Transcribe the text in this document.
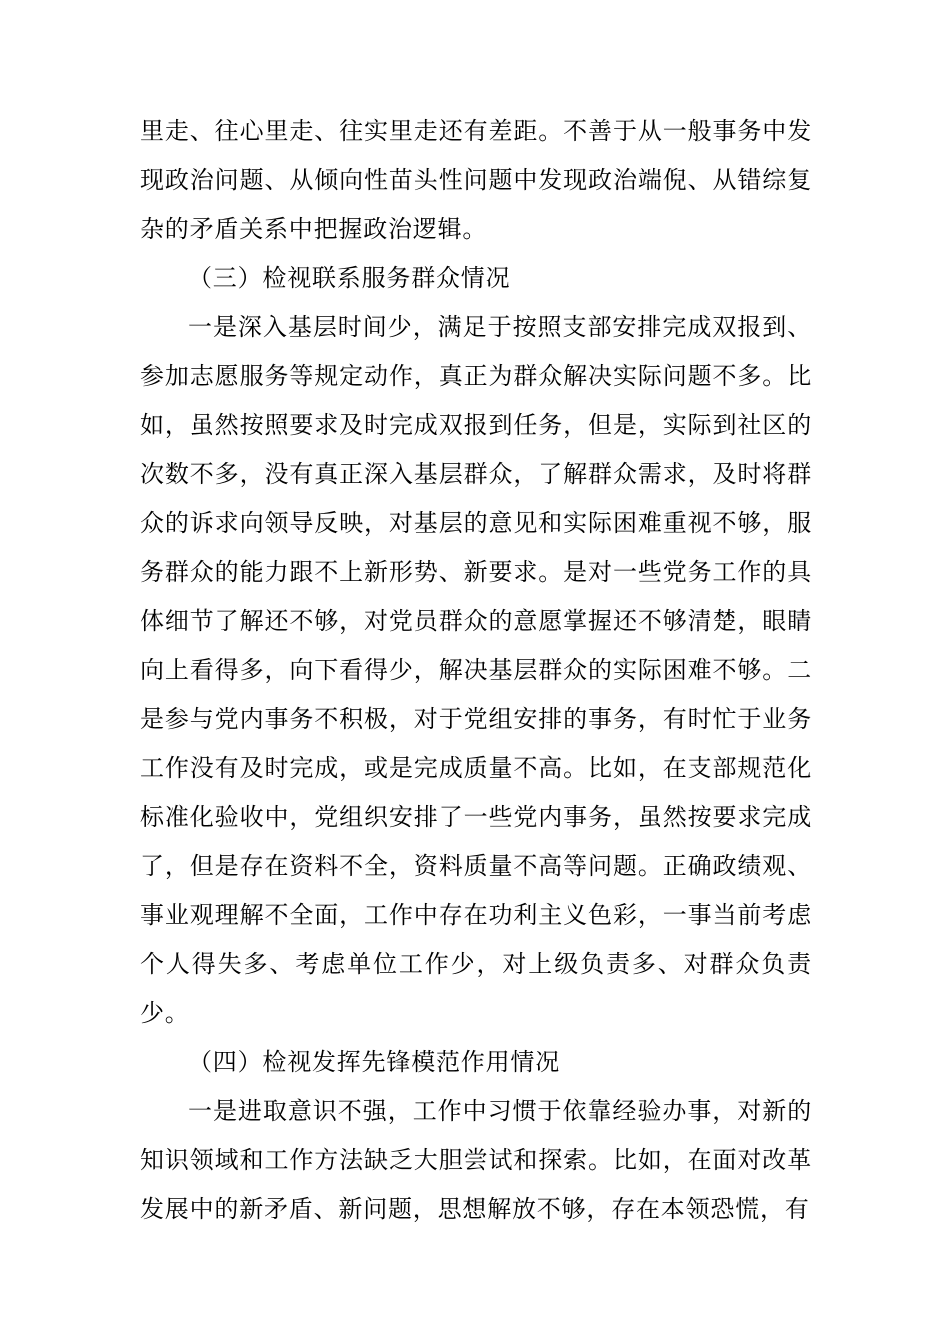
里走、往心里走、往实里走还有差距。不善于从一般事务中发现政治问题、从倾向性苗头性问题中发现政治端倪、从错综复杂的矛盾关系中把握政治逻辑。

（三）检视联系服务群众情况

一是深入基层时间少，满足于按照支部安排完成双报到、参加志愿服务等规定动作，真正为群众解决实际问题不多。比如，虽然按照要求及时完成双报到任务，但是，实际到社区的次数不多，没有真正深入基层群众，了解群众需求，及时将群众的诉求向领导反映，对基层的意见和实际困难重视不够，服务群众的能力跟不上新形势、新要求。是对一些党务工作的具体细节了解还不够，对党员群众的意愿掌握还不够清楚，眼睛向上看得多，向下看得少，解决基层群众的实际困难不够。二是参与党内事务不积极，对于党组安排的事务，有时忙于业务工作没有及时完成，或是完成质量不高。比如，在支部规范化标准化验收中，党组织安排了一些党内事务，虽然按要求完成了，但是存在资料不全，资料质量不高等问题。正确政绩观、事业观理解不全面，工作中存在功利主义色彩，一事当前考虑个人得失多、考虑单位工作少，对上级负责多、对群众负责少。

（四）检视发挥先锋模范作用情况

一是进取意识不强，工作中习惯于依靠经验办事，对新的知识领域和工作方法缺乏大胆尝试和探索。比如，在面对改革发展中的新矛盾、新问题，思想解放不够，存在本领恐慌，有
